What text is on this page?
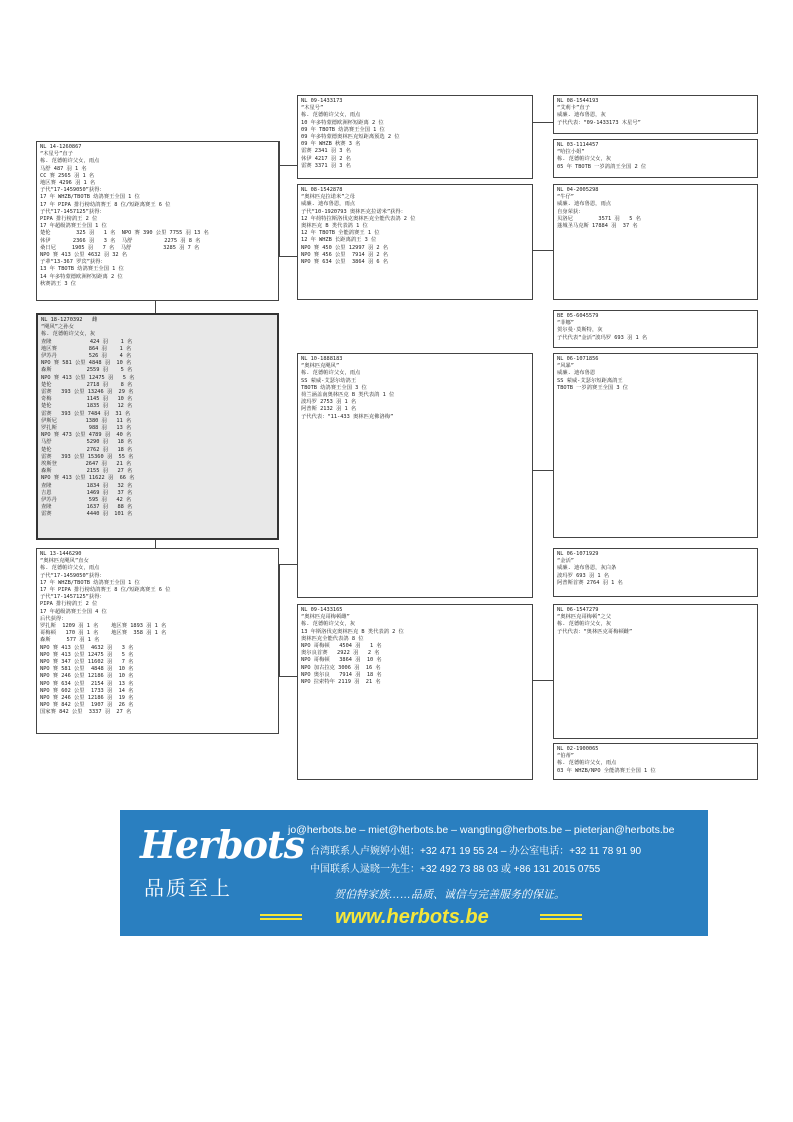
NL 14-1260867
“木星号”直子
栋. 范德帕许父女，雨点
马舒 487 羽 1 名
CC 赛 2565 羽 1 名
地区赛 4296 羽 1 名
子代“17-1459050”获得：
17 年 WHZB/TBOTB 幼鸽赛王全国 1 位
17 年 PIPA 排行榜幼鸽赛王 8 位/短距离赛王 6 位
子代“17-1457125”获得：
PIPA 排行榜鸽王 2 位
17 年超级鸽赛王全国 1 位
楚伦        325 羽   1 名  NPO 赛 390 公里 7755 羽 13 名
休伊       2366 羽   3 名  马舒          2275 羽 8 名
桑日尼     1905 羽   7 名  马舒          3285 羽 7 名
NPO 赛 413 公里 4632 羽 32 名
子辈“13-367 罗宾”获得：
13 年 TBOTB 幼鸽赛王全国 1 位
14 年多特蒙德欧洲杯短距离 2 位
秋赛鸽王 3 位
NL 18-1270392   雌
“飓风”之孙女
栋. 范德帕许父女，灰
查隆            424 羽    1 名
地区赛          864 羽    1 名
伊苏丹          526 羽    4 名
NPO 赛 581 公里 4848 羽  10 名
森斯           2559 羽    5 名
NPO 赛 413 公里 12475 羽   5 名
楚伦           2718 羽    8 名
雷赛   393 公里 13246 羽  29 名
奇梅           1145 羽   10 名
楚伦           1835 羽   12 名
雷赛   393 公里 7484 羽  31 名
伊斯尼         1380 羽   11 名
罗扎斯          988 羽   13 名
NPO 赛 473 公里 4789 羽  40 名
马舒           5290 羽   18 名
楚伦           2762 羽   18 名
雷赛   393 公里 15360 羽  55 名
埃斯登         2647 羽   21 名
森斯           2155 羽   27 名
NPO 赛 413 公里 11622 羽  66 名
查隆           1834 羽   32 名
吉恩           1469 羽   37 名
伊苏丹          595 羽   42 名
查隆           1637 羽   88 名
雷赛           4440 羽  101 名
NL 13-1446290
“奥林匹克飓风”直女
栋. 范德帕许父女，雨点
子代“17-1459050”获得：
17 年 WHZB/TBOTB 幼鸽赛王全国 1 位
17 年 PIPA 排行榜幼鸽赛王 8 位/短距离赛王 6 位
子代“17-1457125”获得：
PIPA 排行榜鸽王 2 位
17 年超级鸽赛王全国 4 位
后代获得：
罗扎斯  1209 羽 1 名    地区赛 1893 羽 1 名
哥梅顿   170 羽 1 名    地区赛  358 羽 1 名
森斯     577 羽 1 名
NPO 赛 413 公里  4632 羽   3 名
NPO 赛 413 公里 12475 羽   5 名
NPO 赛 347 公里 11602 羽   7 名
NPO 赛 581 公里  4848 羽  10 名
NPO 赛 246 公里 12186 羽  10 名
NPO 赛 634 公里  2154 羽  13 名
NPO 赛 602 公里  1733 羽  14 名
NPO 赛 246 公里 12186 羽  19 名
NPO 赛 842 公里  1907 羽  26 名
国家赛 842 公里  3337 羽  27 名
NL 09-1433173
“木星号”
栋. 范德帕许父女，雨点
10 年多特蒙德欧洲杯短距离 2 位
09 年 TBOTB 幼鸽赛王全国 1 位
09 年多特蒙德奥林匹克短距离预选 2 位
09 年 WHZB 秋赛 3 名
雷赛 2341 羽 3 名
休伊 4217 羽 2 名
雷赛 3371 羽 3 名
NL 08-1542878
“奥林匹克拉诺米”之母
威廉. 迪布鲁恩，雨点
子代“10-1920793 奥林匹克拉诺米”获得：
12 年荷特拉斯洛伐克奥林匹克全能代表鸽 2 位
奥林匹克 B 类代表鸽 1 位
12 年 TBOTB 全能鸽赛王 1 位
12 年 WHZB 长距离鸽王 3 位
NPO 赛 450 公里 12997 羽 2 名
NPO 赛 456 公里  7914 羽 2 名
NPO 赛 634 公里  3864 羽 6 名
NL 10-1888183
“奥林匹克飓风”
栋. 范德帕许父女，雨点
SS 萦威-艾瑟尔幼鸽王
TBOTB 幼鸽赛王全国 3 位
荷兰涵盖南奥林匹克 B 类代表鸽 1 位
波玛罗 2753 羽 1 名
阿普斯 2132 羽 1 名
子代代表：“11-433 奥林匹克佛洛梅”
NL 09-1433165
“奥林匹克哥梅顿雌”
栋. 范德帕许父女，灰
13 年斯洛伐克奥林匹克 B 类代表鸽 2 位
奥林匹克全能代表鸽 8 位
NPO 哥梅顿   4504 羽   1 名
奥尔良首赛   2922 羽   2 名
NPO 哥梅顿   3864 羽  10 名
NPO 加古拉克 3006 羽  16 名
NPO 奥尔良   7914 羽  18 名
NPO 拉索特年 2119 羽  21 名
NL 08-1544193
“艾莉卡”直子
威廉. 迪布鲁恩，灰
子代代表：“09-1433173 木星号”
NL 03-1114457
“哈拉小姐”
栋. 范德帕许父女，灰
05 年 TBOTB 一岁鸽鸽王全国 2 位
NL 04-2005298
“牛仔”
威廉. 迪布鲁恩，雨点
自身荣获：
贝洛尼        3571 羽   5 名
蓬城圣马克斯 17884 羽  37 名
BE 05-6045579
“菲娜”
贺尔曼·莫斯特，灰
子代代表“金活”波玛罗 693 羽 1 名
NL 06-1071856
“风暴”
威廉. 迪布鲁恩
SS 萦威-艾瑟尔短距离鸽王
TBOTB 一岁鸽赛王全国 3 位
NL 06-1071929
“金活”
威廉. 迪布鲁恩，灰白条
波玛罗 693 羽 1 名
阿普斯首赛 2764 羽 1 名
NL 06-1547279
“奥林匹克哥梅顿”之父
栋. 范德帕许父女，灰
子代代表：“奥林匹克哥梅顿雌”
NL 02-1900065
“伯蒂”
栋. 范德帕许父女，雨点
03 年 WHZB/NPO 全能鸽赛王全国 1 位
Herbots
品质至上
jo@herbots.be – miet@herbots.be – wangting@herbots.be – pieterjan@herbots.be
台湾联系人卢婉婷小姐：+32 471 19 55 24 – 办公室电话：+32 11 78 91 90
中国联系人逯晓一先生：+32 492 73 88 03 或 +86 131 2015 0755
贺伯特家族……品质、诚信与完善服务的保证。
www.herbots.be
